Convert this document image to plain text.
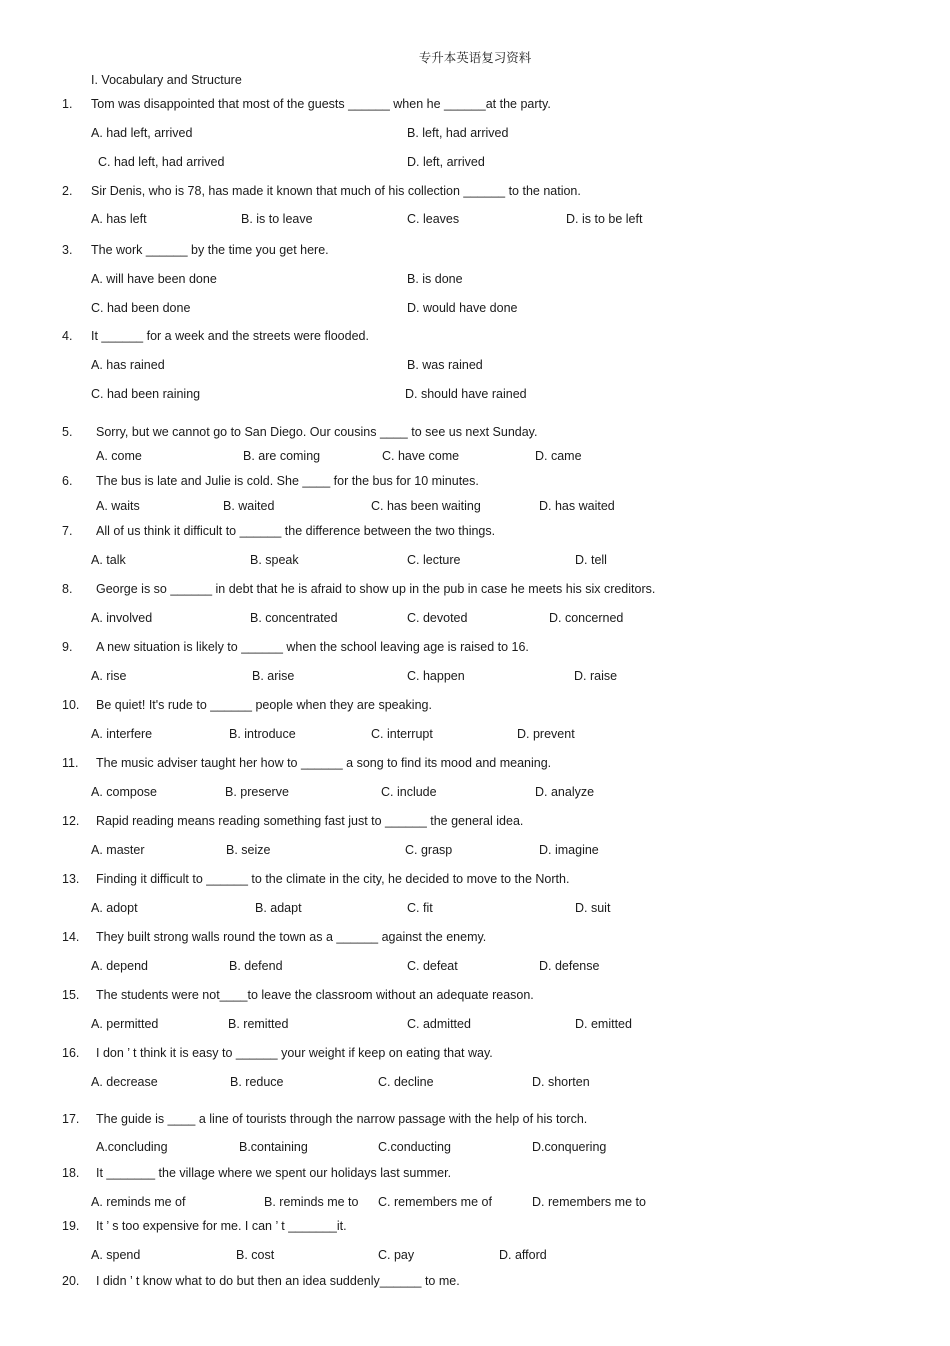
专升本英语复习资料
I. Vocabulary and Structure
1. Tom was disappointed that most of the guests ______ when he ______at the party.
A. had left, arrived	B. left, had arrived
C. had left, had arrived	D. left, arrived
2. Sir Denis, who is 78, has made it known that much of his collection ______ to the nation.
A. has left	B. is to leave	C. leaves	D. is to be left
3. The work ______ by the time you get here.
A. will have been done	B. is done
C. had been done	D. would have done
4. It ______ for a week and the streets were flooded.
A. has rained	B. was rained
C. had been raining	D. should have rained
5. Sorry, but we cannot go to San Diego. Our cousins ____ to see us next Sunday.
A. come	B. are coming	C. have come	D. came
6. The bus is late and Julie is cold. She ____ for the bus for 10 minutes.
A. waits	B. waited	C. has been waiting	D. has waited
7. All of us think it difficult to ______ the difference between the two things.
A. talk	B. speak	C. lecture	D. tell
8. George is so ______ in debt that he is afraid to show up in the pub in case he meets his six creditors.
A. involved	B. concentrated	C. devoted	D. concerned
9. A new situation is likely to ______ when the school leaving age is raised to 16.
A. rise	B. arise	C. happen	D. raise
10. Be quiet! It's rude to ______ people when they are speaking.
A. interfere	B. introduce	C. interrupt	D. prevent
11. The music adviser taught her how to ______ a song to find its mood and meaning.
A. compose	B. preserve	C. include	D. analyze
12. Rapid reading means reading something fast just to ______ the general idea.
A. master	B. seize	C. grasp	D. imagine
13. Finding it difficult to ______ to the climate in the city, he decided to move to the North.
A. adopt	B. adapt	C. fit	D. suit
14. They built strong walls round the town as a ______ against the enemy.
A. depend	B. defend	C. defeat	D. defense
15. The students were not____to leave the classroom without an adequate reason.
A. permitted	B. remitted	C. admitted	D. emitted
16. I don ’ t think it is easy to ______ your weight if keep on eating that way.
A. decrease	B. reduce	C. decline	D. shorten
17. The guide is ____ a line of tourists through the narrow passage with the help of his torch.
A.concluding	B.containing	C.conducting	D.conquering
18. It _______ the village where we spent our holidays last summer.
A. reminds me of	B. reminds me to C. remembers me of	D. remembers me to
19. It ’ s too expensive for me. I can ’ t _______it.
A. spend	B. cost	C. pay	D. afford
20. I didn ’ t know what to do but then an idea suddenly______ to me.
